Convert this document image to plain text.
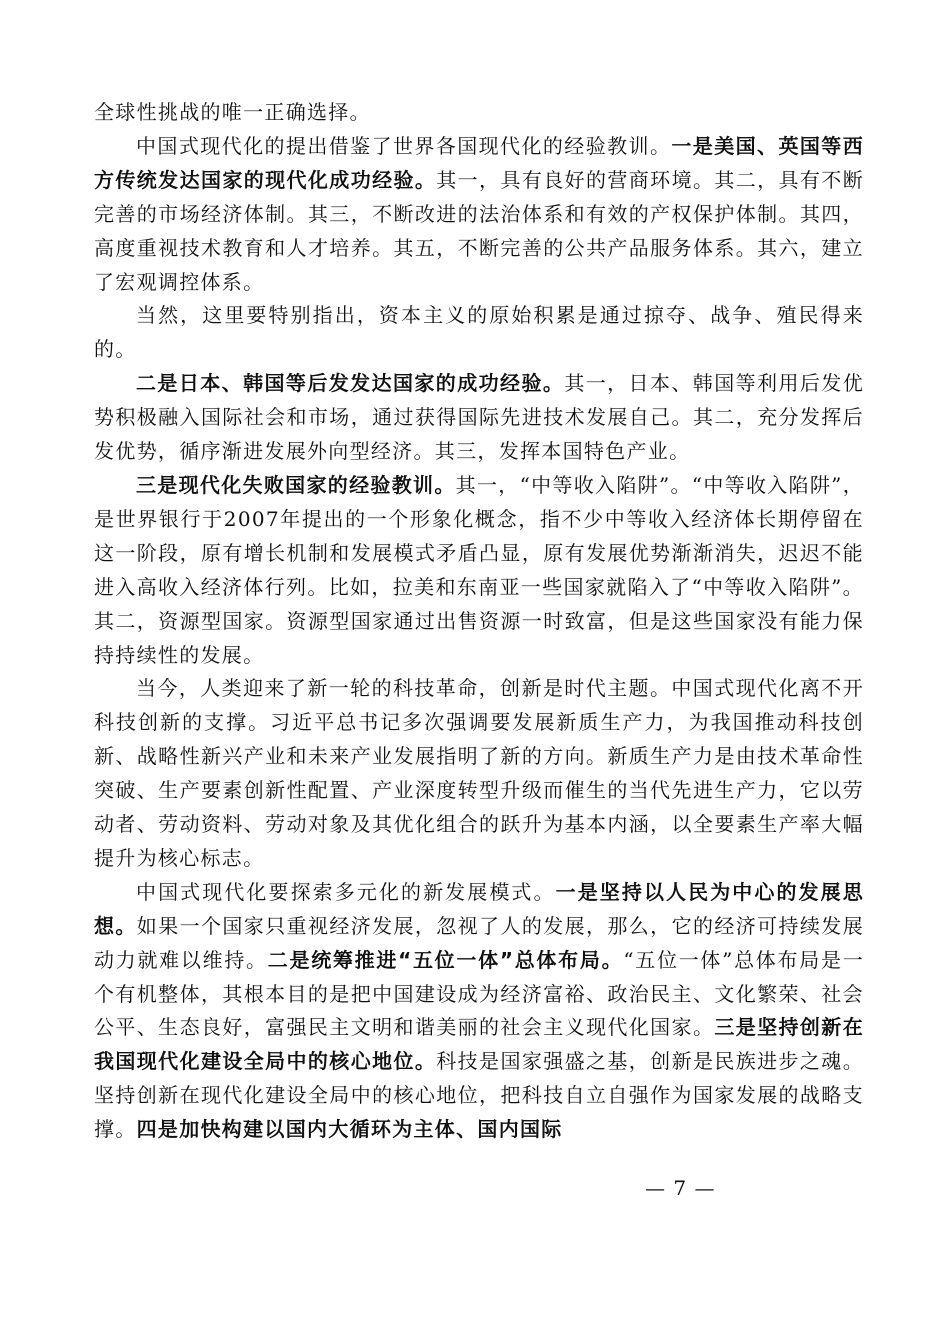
全球性挑战的唯一正确选择。

中国式现代化的提出借鉴了世界各国现代化的经验教训。一是美国、英国等西方传统发达国家的现代化成功经验。其一，具有良好的营商环境。其二，具有不断完善的市场经济体制。其三，不断改进的法治体系和有效的产权保护体制。其四，高度重视技术教育和人才培养。其五，不断完善的公共产品服务体系。其六，建立了宏观调控体系。

当然，这里要特别指出，资本主义的原始积累是通过掠夺、战争、殖民得来的。

二是日本、韩国等后发发达国家的成功经验。其一，日本、韩国等利用后发优势积极融入国际社会和市场，通过获得国际先进技术发展自己。其二，充分发挥后发优势，循序渐进发展外向型经济。其三，发挥本国特色产业。

三是现代化失败国家的经验教训。其一，“中等收入陷阱”。“中等收入陷阱”，是世界银行于2007年提出的一个形象化概念，指不少中等收入经济体长期停留在这一阶段，原有增长机制和发展模式矛盾凸显，原有发展优势渐渐消失，迟迟不能进入高收入经济体行列。比如，拉美和东南亚一些国家就陷入了“中等收入陷阱”。其二，资源型国家。资源型国家通过出售资源一时致富，但是这些国家没有能力保持持续性的发展。

当今，人类迎来了新一轮的科技革命，创新是时代主题。中国式现代化离不开科技创新的支撑。习近平总书记多次强调要发展新质生产力，为我国推动科技创新、战略性新兴产业和未来产业发展指明了新的方向。新质生产力是由技术革命性突破、生产要素创新性配置、产业深度转型升级而催生的当代先进生产力，它以劳动者、劳动资料、劳动对象及其优化组合的跃升为基本内涵，以全要素生产率大幅提升为核心标志。

中国式现代化要探索多元化的新发展模式。一是坚持以人民为中心的发展思想。如果一个国家只重视经济发展，忽视了人的发展，那么，它的经济可持续发展动力就难以维持。二是统筹推进“五位一体”总体布局。“五位一体”总体布局是一个有机整体，其根本目的是把中国建设成为经济富裕、政治民主、文化繁荣、社会公平、生态良好，富强民主文明和谐美丽的社会主义现代化国家。三是坚持创新在我国现代化建设全局中的核心地位。科技是国家强盛之基，创新是民族进步之魂。坚持创新在现代化建设全局中的核心地位，把科技自立自强作为国家发展的战略支撑。四是加快构建以国内大循环为主体、国内国际

— 7 —
